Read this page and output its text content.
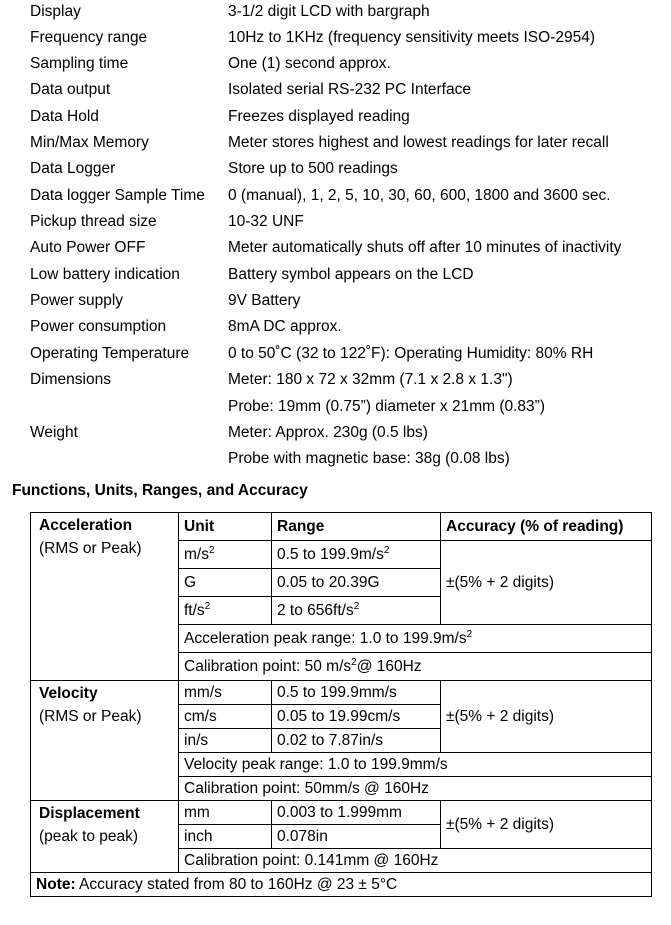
Display	3-1/2 digit LCD with bargraph
Frequency range	10Hz to 1KHz (frequency sensitivity meets ISO-2954)
Sampling time	One (1) second approx.
Data output	Isolated serial RS-232 PC Interface
Data Hold	Freezes displayed reading
Min/Max Memory	Meter stores highest and lowest readings for later recall
Data Logger	Store up to 500 readings
Data logger Sample Time 0 (manual), 1, 2, 5, 10, 30, 60, 600, 1800 and 3600 sec.
Pickup thread size	10-32 UNF
Auto Power OFF	Meter automatically shuts off after 10 minutes of inactivity
Low battery indication	Battery symbol appears on the LCD
Power supply	9V Battery
Power consumption	8mA DC approx.
Operating Temperature	0 to 50˚C (32 to 122˚F): Operating Humidity: 80% RH
Dimensions	Meter: 180 x 72 x 32mm (7.1 x 2.8 x 1.3")
Probe: 19mm (0.75”) diameter x 21mm (0.83”)
Weight	Meter: Approx. 230g (0.5 lbs)
Probe with magnetic base: 38g (0.08 lbs)
Functions, Units, Ranges, and Accuracy
Acceleration
(RMS or Peak)	Unit	Range	Accuracy (% of reading)
	$m/s^2$	0.5 to $199.9m/s^2$	±(5% + 2 digits)
	G	0.05 to 20.39G	
	$ft/s^2$	2 to $656ft/s^2$
	Acceleration peak range: 1.0 to $199.9m/s^2$
	Calibration point: 50 $m/s^2@$ 160Hz		

Velocity
(RMS or Peak)	mm/s	0.5 to 199.9mm/s	±(5% + 2 digits)
	cm/s	0.05 to 19.99cm/s	
	in/s	0.02 to 7.87in/s	
	Velocity peak range: 1.0 to 199.9mm/s		
	Calibration point: 50mm/s @ 160Hz		

Displacement
(peak to peak)	mm	0.003 to 1.999mm	±(5% + 2 digits)
	inch	0.078in	
	Calibration point: 0.141mm @ 160Hz		
Note: Accuracy stated from 80 to 160Hz @ 23 ± 5°C			
